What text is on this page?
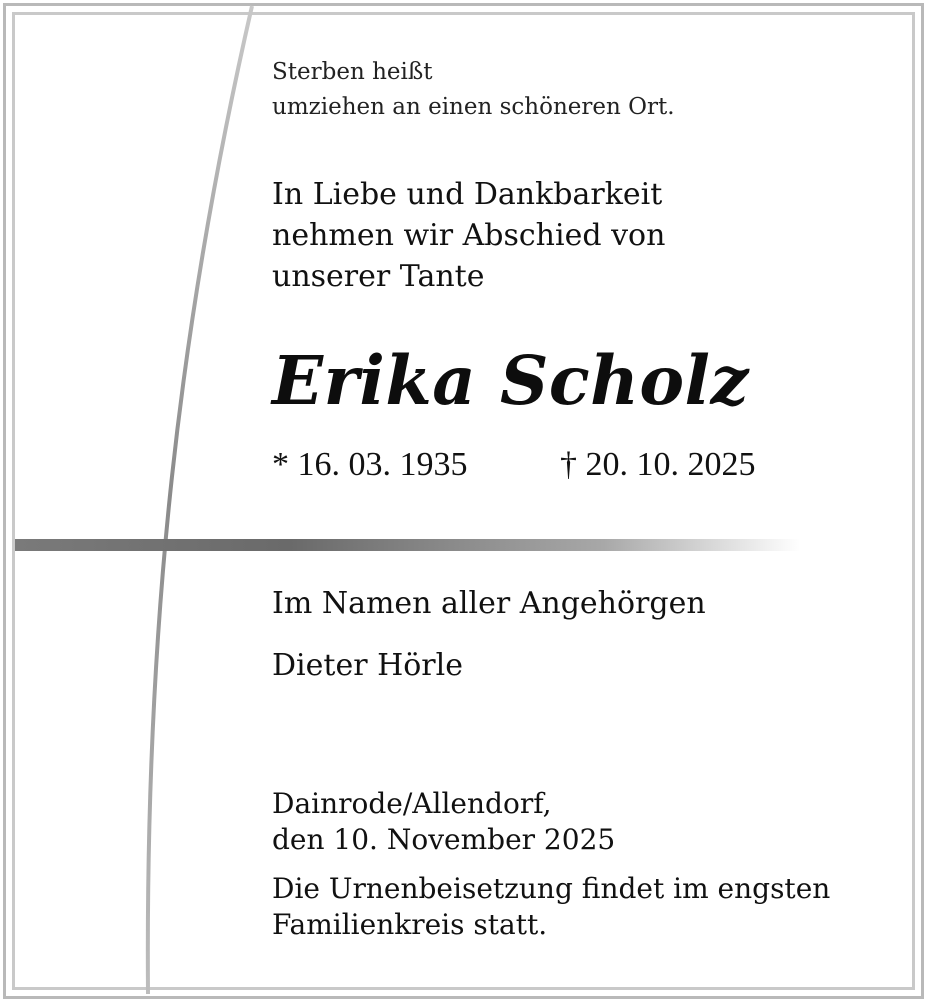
Sterben heißt
umziehen an einen schöneren Ort.
In Liebe und Dankbarkeit
nehmen wir Abschied von
unserer Tante
Erika Scholz
* 16. 03. 1935	† 20. 10. 2025
Im Namen aller Angehörgen
Dieter Hörle
Dainrode/Allendorf,
den 10. November 2025
Die Urnenbeisetzung findet im engsten
Familienkreis statt.
